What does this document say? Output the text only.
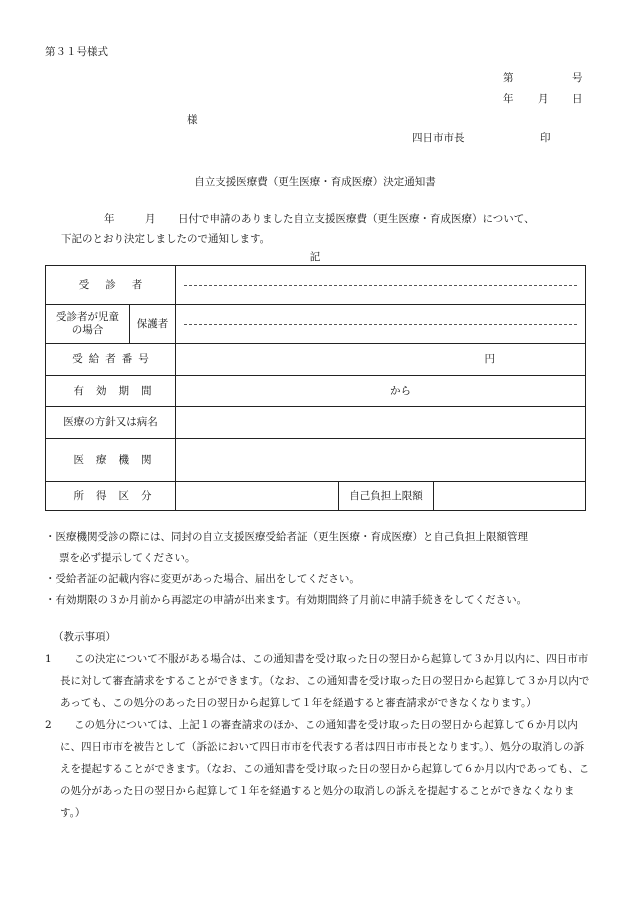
第３１号様式
第	号
年 月 日
様
四日市市長	印
自立支援医療費（更生医療・育成医療）決定通知書
年	月 日付で申請のありました自立支援医療費（更生医療・育成医療）について、
下記のとおり決定しましたので通知します。
記
受診者				

受診者が児童の場合	保護者			

受給者番号		円		
有効期間		から		
医療の方針又は病名				
医療機関				
所得区分			自己負担上限額	

・医療機関受診の際には、同封の自立支援医療受給者証（更生医療・育成医療）と自己負担上限額管理

票を必ず提示してください。

・受給者証の記載内容に変更があった場合、届出をしてください。

・有効期限の３か月前から再認定の申請が出来ます。有効期間終了月前に申請手続きをしてください。

（教示事項）

1 この決定について不服がある場合は、この通知書を受け取った日の翌日から起算して３か月以内に、四日市市長に対して審査請求をすることができます。（なお、この通知書を受け取った日の翌日から起算して３か月以内であっても、この処分のあった日の翌日から起算して１年を経過すると審査請求ができなくなります。）

2 この処分については、上記１の審査請求のほか、この通知書を受け取った日の翌日から起算して６か月以内に、四日市市を被告として（訴訟において四日市市を代表する者は四日市市長となります。）、処分の取消しの訴えを提起することができます。（なお、この通知書を受け取った日の翌日から起算して６か月以内であっても、この処分があった日の翌日から起算して１年を経過すると処分の取消しの訴えを提起することができなくなります。）
